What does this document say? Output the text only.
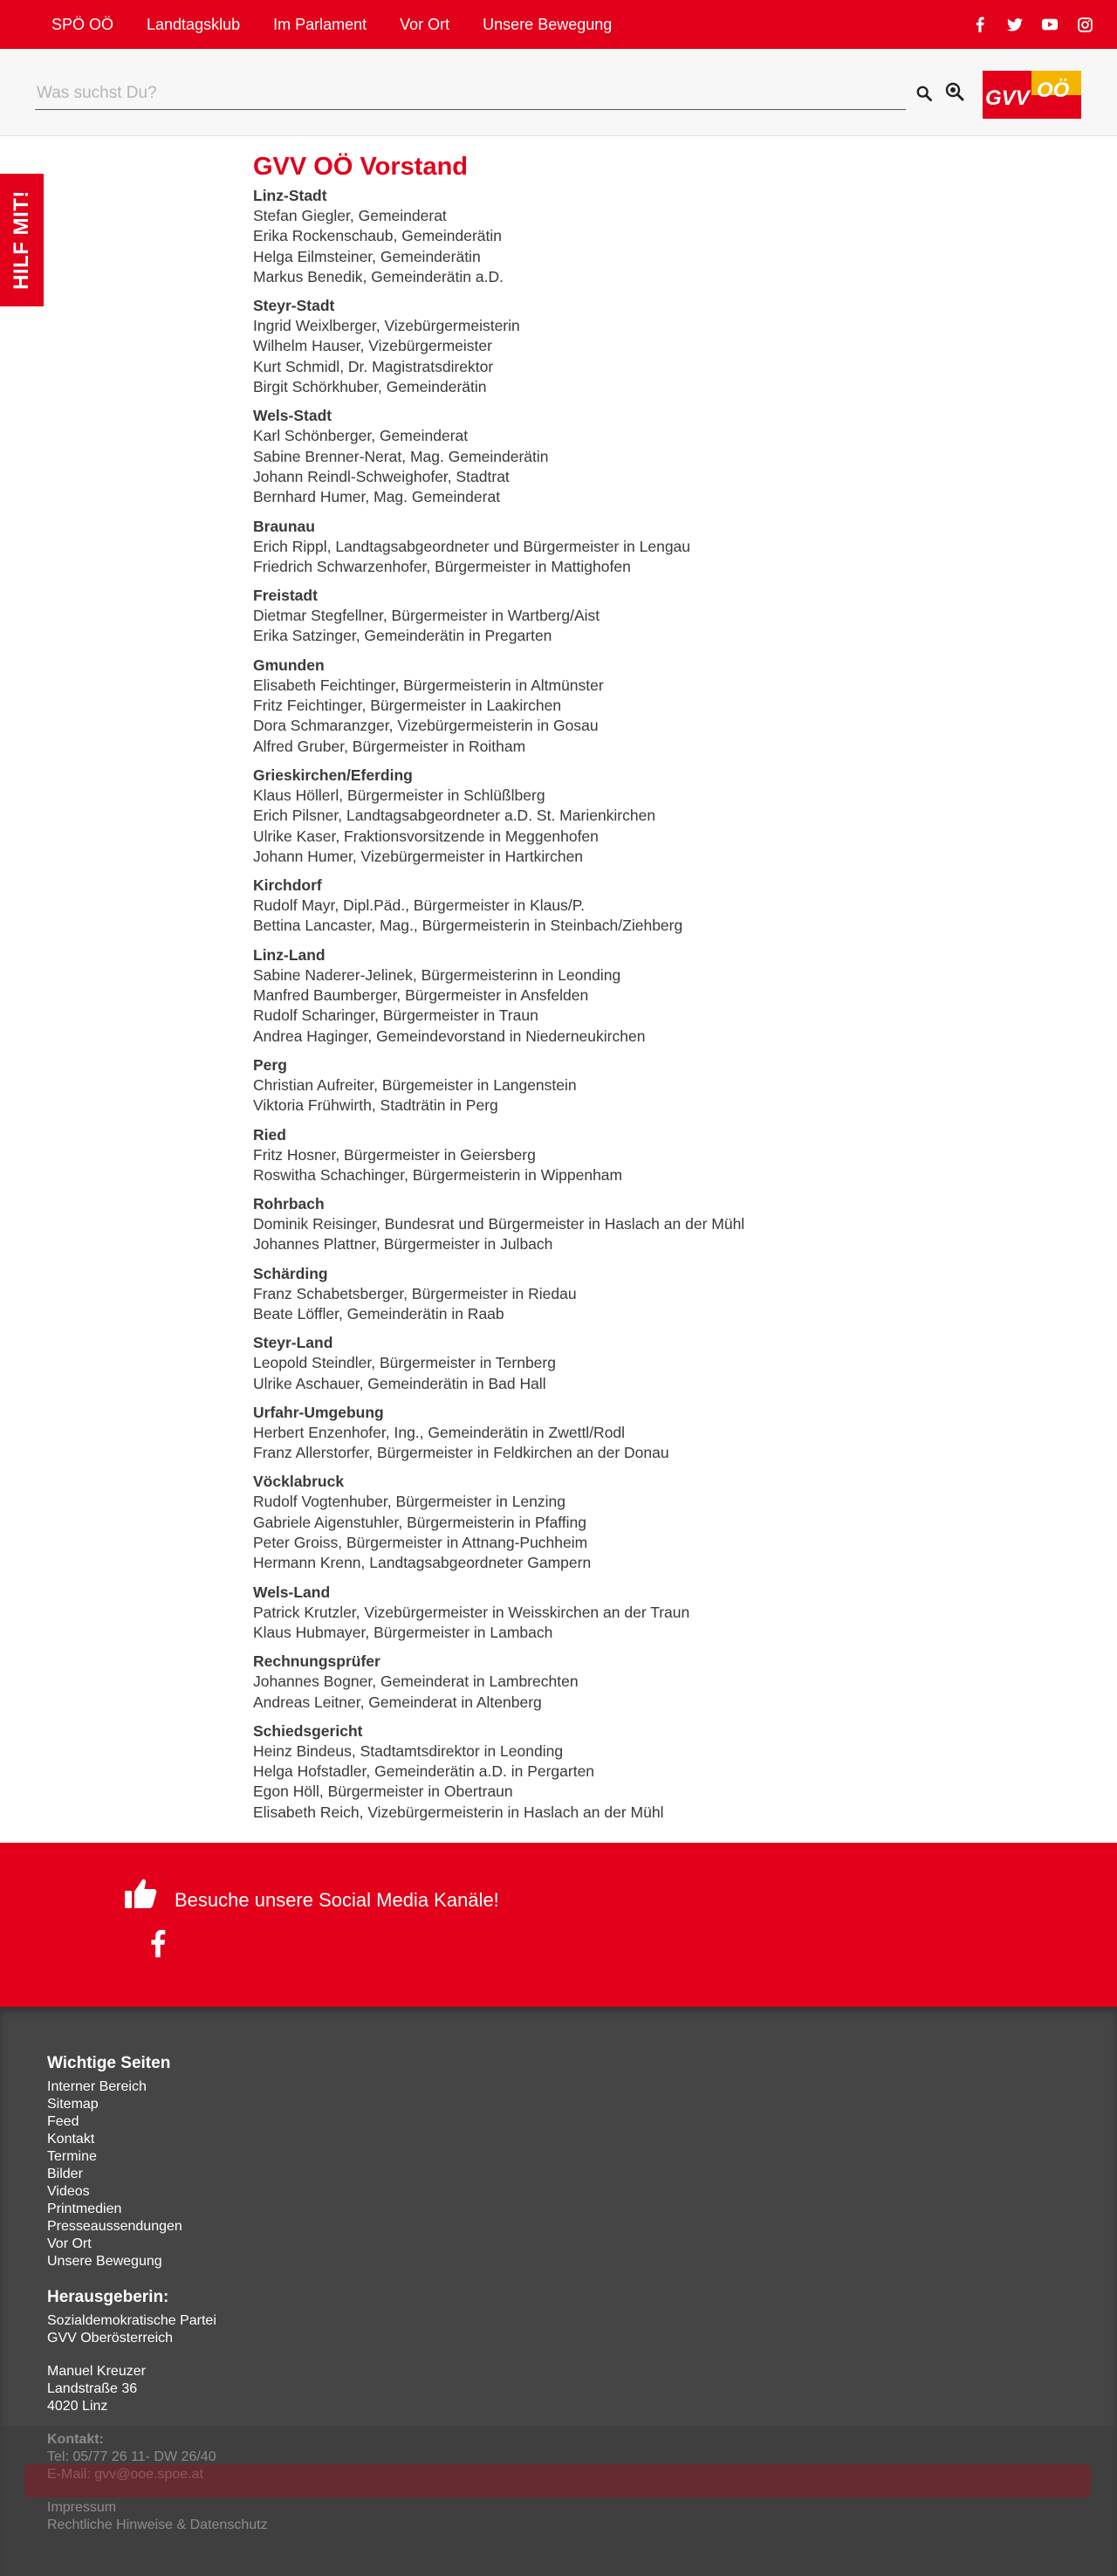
SPÖ OÖ	Landtagsklub	Im Parlament	Vor Ort	Unsere Bewegung
Was suchst Du?
GVV OÖ
HILF MIT!
GVV OÖ Vorstand
Linz-Stadt
Stefan Giegler, Gemeinderat
Erika Rockenschaub, Gemeinderätin
Helga Eilmsteiner, Gemeinderätin
Markus Benedik, Gemeinderätin a.D.
Steyr-Stadt
Ingrid Weixlberger, Vizebürgermeisterin
Wilhelm Hauser, Vizebürgermeister
Kurt Schmidl, Dr. Magistratsdirektor
Birgit Schörkhuber, Gemeinderätin
Wels-Stadt
Karl Schönberger, Gemeinderat
Sabine Brenner-Nerat, Mag. Gemeinderätin
Johann Reindl-Schweighofer, Stadtrat
Bernhard Humer, Mag. Gemeinderat
Braunau
Erich Rippl, Landtagsabgeordneter und Bürgermeister in Lengau
Friedrich Schwarzenhofer, Bürgermeister in Mattighofen
Freistadt
Dietmar Stegfellner, Bürgermeister in Wartberg/Aist
Erika Satzinger, Gemeinderätin in Pregarten
Gmunden
Elisabeth Feichtinger, Bürgermeisterin in Altmünster
Fritz Feichtinger, Bürgermeister in Laakirchen
Dora Schmaranzger, Vizebürgermeisterin in Gosau
Alfred Gruber, Bürgermeister in Roitham
Grieskirchen/Eferding
Klaus Höllerl, Bürgermeister in Schlüßlberg
Erich Pilsner, Landtagsabgeordneter a.D. St. Marienkirchen
Ulrike Kaser, Fraktionsvorsitzende in Meggenhofen
Johann Humer, Vizebürgermeister in Hartkirchen
Kirchdorf
Rudolf Mayr, Dipl.Päd., Bürgermeister in Klaus/P.
Bettina Lancaster, Mag., Bürgermeisterin in Steinbach/Ziehberg
Linz-Land
Sabine Naderer-Jelinek, Bürgermeisterinn in Leonding
Manfred Baumberger, Bürgermeister in Ansfelden
Rudolf Scharinger, Bürgermeister in Traun
Andrea Haginger, Gemeindevorstand in Niederneukirchen
Perg
Christian Aufreiter, Bürgemeister in Langenstein
Viktoria Frühwirth, Stadträtin in Perg
Ried
Fritz Hosner, Bürgermeister in Geiersberg
Roswitha Schachinger, Bürgermeisterin in Wippenham
Rohrbach
Dominik Reisinger, Bundesrat und Bürgermeister in Haslach an der Mühl
Johannes Plattner, Bürgermeister in Julbach
Schärding
Franz Schabetsberger, Bürgermeister in Riedau
Beate Löffler, Gemeinderätin in Raab
Steyr-Land
Leopold Steindler, Bürgermeister in Ternberg
Ulrike Aschauer, Gemeinderätin in Bad Hall
Urfahr-Umgebung
Herbert Enzenhofer, Ing., Gemeinderätin in Zwettl/Rodl
Franz Allerstorfer, Bürgermeister in Feldkirchen an der Donau
Vöcklabruck
Rudolf Vogtenhuber, Bürgermeister in Lenzing
Gabriele Aigenstuhler, Bürgermeisterin in Pfaffing
Peter Groiss, Bürgermeister in Attnang-Puchheim
Hermann Krenn, Landtagsabgeordneter Gampern
Wels-Land
Patrick Krutzler, Vizebürgermeister in Weisskirchen an der Traun
Klaus Hubmayer, Bürgermeister in Lambach
Rechnungsprüfer
Johannes Bogner, Gemeinderat in Lambrechten
Andreas Leitner, Gemeinderat in Altenberg
Schiedsgericht
Heinz Bindeus, Stadtamtsdirektor in Leonding
Helga Hofstadler, Gemeinderätin a.D. in Pergarten
Egon Höll, Bürgermeister in Obertraun
Elisabeth Reich, Vizebürgermeisterin in Haslach an der Mühl
Besuche unsere Social Media Kanäle!
Wichtige Seiten
Interner Bereich
Sitemap
Feed
Kontakt
Termine
Bilder
Videos
Printmedien
Presseaussendungen
Vor Ort
Unsere Bewegung
Herausgeberin:
Sozialdemokratische Partei
GVV Oberösterreich
Manuel Kreuzer
Landstraße 36
4020 Linz
